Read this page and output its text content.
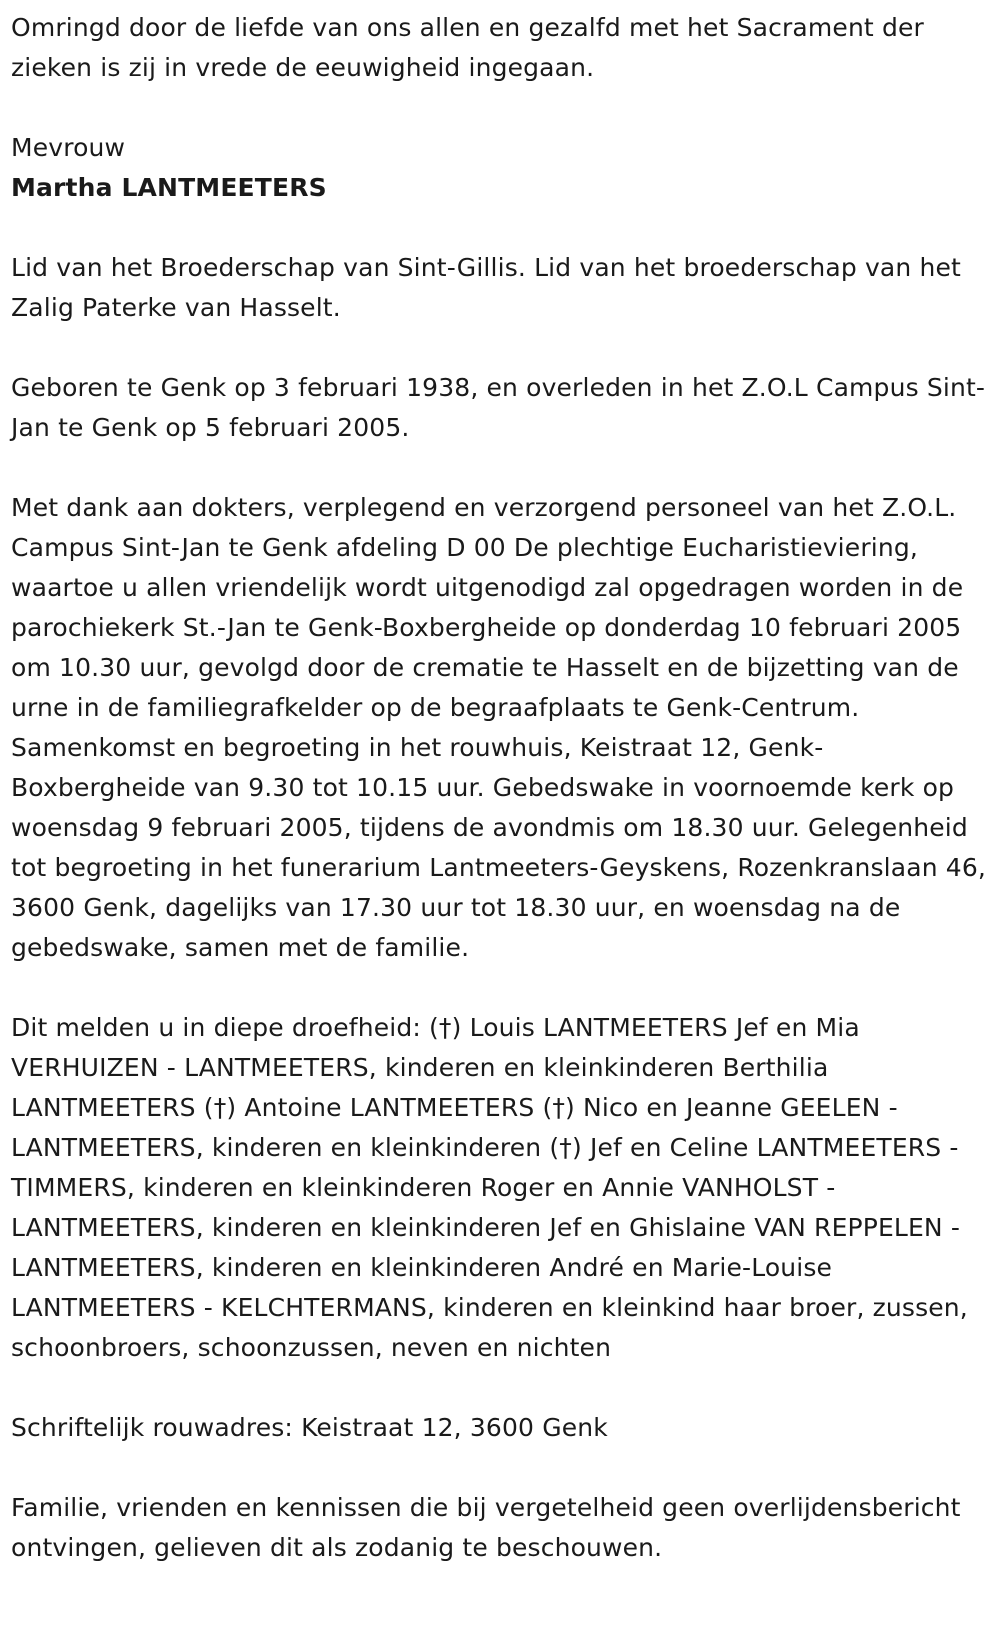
Omringd door de liefde van ons allen en gezalfd met het Sacrament der zieken is zij in vrede de eeuwigheid ingegaan.

Mevrouw

Martha LANTMEETERS

Lid van het Broederschap van Sint-Gillis. Lid van het broederschap van het Zalig Paterke van Hasselt.

Geboren te Genk op 3 februari 1938, en overleden in het Z.O.L Campus Sint-Jan te Genk op 5 februari 2005.

Met dank aan dokters, verplegend en verzorgend personeel van het Z.O.L. Campus Sint-Jan te Genk afdeling D 00 De plechtige Eucharistieviering, waartoe u allen vriendelijk wordt uitgenodigd zal opgedragen worden in de parochiekerk St.-Jan te Genk-Boxbergheide op donderdag 10 februari 2005 om 10.30 uur, gevolgd door de crematie te Hasselt en de bijzetting van de urne in de familiegrafkelder op de begraafplaats te Genk-Centrum. Samenkomst en begroeting in het rouwhuis, Keistraat 12, Genk-Boxbergheide van 9.30 tot 10.15 uur. Gebedswake in voornoemde kerk op woensdag 9 februari 2005, tijdens de avondmis om 18.30 uur. Gelegenheid tot begroeting in het funerarium Lantmeeters-Geyskens, Rozenkranslaan 46, 3600 Genk, dagelijks van 17.30 uur tot 18.30 uur, en woensdag na de gebedswake, samen met de familie.

Dit melden u in diepe droefheid: (†) Louis LANTMEETERS Jef en Mia VERHUIZEN - LANTMEETERS, kinderen en kleinkinderen Berthilia LANTMEETERS (†) Antoine LANTMEETERS (†) Nico en Jeanne GEELEN - LANTMEETERS, kinderen en kleinkinderen (†) Jef en Celine LANTMEETERS - TIMMERS, kinderen en kleinkinderen Roger en Annie VANHOLST - LANTMEETERS, kinderen en kleinkinderen Jef en Ghislaine VAN REPPELEN - LANTMEETERS, kinderen en kleinkinderen André en Marie-Louise LANTMEETERS - KELCHTERMANS, kinderen en kleinkind haar broer, zussen, schoonbroers, schoonzussen, neven en nichten

Schriftelijk rouwadres: Keistraat 12, 3600 Genk

Familie, vrienden en kennissen die bij vergetelheid geen overlijdensbericht ontvingen, gelieven dit als zodanig te beschouwen.
